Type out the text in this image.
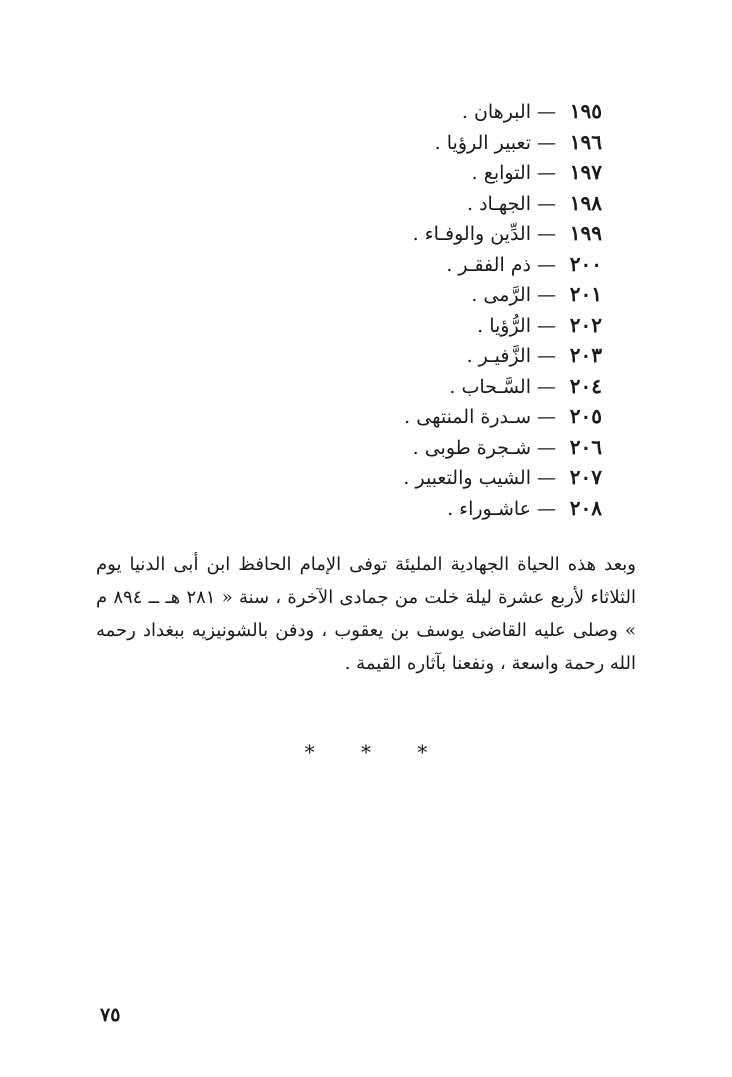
١٩٥—البرهان .
١٩٦—تعبير الرؤيا .
١٩٧—التوابع .
١٩٨—الجهـاد .
١٩٩—الدِّين والوفـاء .
٢٠٠—ذم الفقـر .
٢٠١—الرَّمى .
٢٠٢—الرُّؤيا .
٢٠٣—الزَّفيـر .
٢٠٤—السَّـحاب .
٢٠٥—سـدرة المنتهى .
٢٠٦—شـجرة طوبى .
٢٠٧—الشيب والتعبير .
٢٠٨—عاشـوراء .

وبعد هذه الحياة الجهادية المليئة توفى الإمام الحافظ ابن أبى الدنيا يوم الثلاثاء لأربع عشرة ليلة خلت من جمادى الآخرة ، سنة « ٢٨١ هـ ــ ٨٩٤ م » وصلى عليه القاضى يوسف بن يعقوب ، ودفن بالشونيزيه ببغداد رحمه الله رحمة واسعة ، ونفعنا بآثاره القيمة .

* * *
٧٥
